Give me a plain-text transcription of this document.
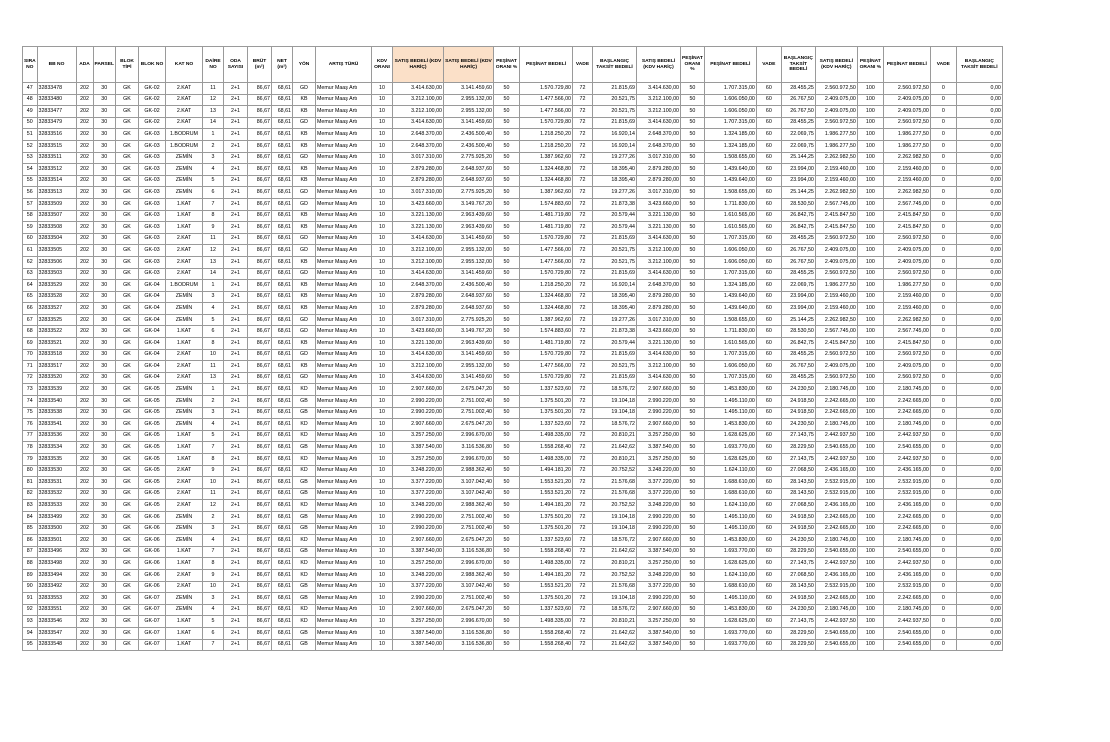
SIRA NO	BB NO	ADA	PARSEL	BLOK TİPİ	BLOK NO	KAT NO	DAİRE NO	ODA SAYISI	BRÜT (m²)	NET (m²)	YÖN	ARTIŞ TÜRÜ	KDV ORANI	SATIŞ BEDELİ (KDV HARİÇ)	SATIŞ BEDELİ (KDV HARİÇ)	PEŞİNAT ORANI %	PEŞİNAT BEDELİ	VADE	BAŞLANGIÇ TAKSİT BEDELİ	SATIŞ BEDELİ (KDV HARİÇ)	PEŞİNAT ORANI %	PEŞİNAT BEDELİ	VADE	BAŞLANGIÇ TAKSİT BEDELİ	SATIŞ BEDELİ (KDV HARİÇ)	PEŞİNAT ORANI %	PEŞİNAT BEDELİ	VADE	BAŞLANGIÇ TAKSİT BEDELİ
47	32833478	202	30	GK	GK-02	2.KAT	11	2+1	86,67	68,61	GD	Memur Maaş Artı	10	3.414.630,00	3.141.459,60	50	1.570.729,80	72	21.815,69	3.414.630,00	50	1.707.315,00	60	28.455,25	2.560.972,50	100	2.560.972,50	0	0,00
48	32833480	202	30	GK	GK-02	2.KAT	12	2+1	86,67	68,61	KB	Memur Maaş Artı	10	3.212.100,00	2.955.132,00	50	1.477.566,00	72	20.521,75	3.212.100,00	50	1.606.050,00	60	26.767,50	2.409.075,00	100	2.409.075,00	0	0,00
49	32833477	202	30	GK	GK-02	2.KAT	13	2+1	86,67	68,61	KB	Memur Maaş Artı	10	3.212.100,00	2.955.132,00	50	1.477.566,00	72	20.521,75	3.212.100,00	50	1.606.050,00	60	26.767,50	2.409.075,00	100	2.409.075,00	0	0,00
50	32833479	202	30	GK	GK-02	2.KAT	14	2+1	86,67	68,61	GD	Memur Maaş Artı	10	3.414.630,00	3.141.459,60	50	1.570.729,80	72	21.815,69	3.414.630,00	50	1.707.315,00	60	28.455,25	2.560.972,50	100	2.560.972,50	0	0,00
51	32833516	202	30	GK	GK-03	1.BODRUM	1	2+1	86,67	68,61	KB	Memur Maaş Artı	10	2.648.370,00	2.436.500,40	50	1.218.250,20	72	16.920,14	2.648.370,00	50	1.324.185,00	60	22.069,75	1.986.277,50	100	1.986.277,50	0	0,00
52	32833515	202	30	GK	GK-03	1.BODRUM	2	2+1	86,67	68,61	KB	Memur Maaş Artı	10	2.648.370,00	2.436.500,40	50	1.218.250,20	72	16.920,14	2.648.370,00	50	1.324.185,00	60	22.069,75	1.986.277,50	100	1.986.277,50	0	0,00
53	32833511	202	30	GK	GK-03	ZEMİN	3	2+1	86,67	68,61	GD	Memur Maaş Artı	10	3.017.310,00	2.775.925,20	50	1.387.962,60	72	19.277,26	3.017.310,00	50	1.508.655,00	60	25.144,25	2.262.982,50	100	2.262.982,50	0	0,00
54	32833512	202	30	GK	GK-03	ZEMİN	4	2+1	86,67	68,61	KB	Memur Maaş Artı	10	2.879.280,00	2.648.937,60	50	1.324.468,80	72	18.395,40	2.879.280,00	50	1.439.640,00	60	23.994,00	2.159.460,00	100	2.159.460,00	0	0,00
55	32833514	202	30	GK	GK-03	ZEMİN	5	2+1	86,67	68,61	KB	Memur Maaş Artı	10	2.879.280,00	2.648.937,60	50	1.324.468,80	72	18.395,40	2.879.280,00	50	1.439.640,00	60	23.994,00	2.159.460,00	100	2.159.460,00	0	0,00
56	32833513	202	30	GK	GK-03	ZEMİN	6	2+1	86,67	68,61	GD	Memur Maaş Artı	10	3.017.310,00	2.775.925,20	50	1.387.962,60	72	19.277,26	3.017.310,00	50	1.508.655,00	60	25.144,25	2.262.982,50	100	2.262.982,50	0	0,00
57	32833509	202	30	GK	GK-03	1.KAT	7	2+1	86,67	68,61	GD	Memur Maaş Artı	10	3.423.660,00	3.149.767,20	50	1.574.883,60	72	21.873,38	3.423.660,00	50	1.711.830,00	60	28.530,50	2.567.745,00	100	2.567.745,00	0	0,00
58	32833507	202	30	GK	GK-03	1.KAT	8	2+1	86,67	68,61	KB	Memur Maaş Artı	10	3.221.130,00	2.963.439,60	50	1.481.719,80	72	20.579,44	3.221.130,00	50	1.610.565,00	60	26.842,75	2.415.847,50	100	2.415.847,50	0	0,00
59	32833508	202	30	GK	GK-03	1.KAT	9	2+1	86,67	68,61	KB	Memur Maaş Artı	10	3.221.130,00	2.963.439,60	50	1.481.719,80	72	20.579,44	3.221.130,00	50	1.610.565,00	60	26.842,75	2.415.847,50	100	2.415.847,50	0	0,00
60	32833504	202	30	GK	GK-03	2.KAT	11	2+1	86,67	68,61	GD	Memur Maaş Artı	10	3.414.630,00	3.141.459,60	50	1.570.729,80	72	21.815,69	3.414.630,00	50	1.707.315,00	60	28.455,25	2.560.972,50	100	2.560.972,50	0	0,00
61	32833505	202	30	GK	GK-03	2.KAT	12	2+1	86,67	68,61	GD	Memur Maaş Artı	10	3.212.100,00	2.955.132,00	50	1.477.566,00	72	20.521,75	3.212.100,00	50	1.606.050,00	60	26.767,50	2.409.075,00	100	2.409.075,00	0	0,00
62	32833506	202	30	GK	GK-03	2.KAT	13	2+1	86,67	68,61	KB	Memur Maaş Artı	10	3.212.100,00	2.955.132,00	50	1.477.566,00	72	20.521,75	3.212.100,00	50	1.606.050,00	60	26.767,50	2.409.075,00	100	2.409.075,00	0	0,00
63	32833503	202	30	GK	GK-03	2.KAT	14	2+1	86,67	68,61	GD	Memur Maaş Artı	10	3.414.630,00	3.141.459,60	50	1.570.729,80	72	21.815,69	3.414.630,00	50	1.707.315,00	60	28.455,25	2.560.972,50	100	2.560.972,50	0	0,00
64	32833529	202	30	GK	GK-04	1.BODRUM	1	2+1	86,67	68,61	KB	Memur Maaş Artı	10	2.648.370,00	2.436.500,40	50	1.218.250,20	72	16.920,14	2.648.370,00	50	1.324.185,00	60	22.069,75	1.986.277,50	100	1.986.277,50	0	0,00
65	32833528	202	30	GK	GK-04	ZEMİN	3	2+1	86,67	68,61	KB	Memur Maaş Artı	10	2.879.280,00	2.648.937,60	50	1.324.468,80	72	18.395,40	2.879.280,00	50	1.439.640,00	60	23.994,00	2.159.460,00	100	2.159.460,00	0	0,00
66	32833527	202	30	GK	GK-04	ZEMİN	4	2+1	86,67	68,61	KB	Memur Maaş Artı	10	2.879.280,00	2.648.937,60	50	1.324.468,80	72	18.395,40	2.879.280,00	50	1.439.640,00	60	23.994,00	2.159.460,00	100	2.159.460,00	0	0,00
67	32833525	202	30	GK	GK-04	ZEMİN	5	2+1	86,67	68,61	GD	Memur Maaş Artı	10	3.017.310,00	2.775.925,20	50	1.387.962,60	72	19.277,26	3.017.310,00	50	1.508.655,00	60	25.144,25	2.262.982,50	100	2.262.982,50	0	0,00
68	32833522	202	30	GK	GK-04	1.KAT	6	2+1	86,67	68,61	GD	Memur Maaş Artı	10	3.423.660,00	3.149.767,20	50	1.574.883,60	72	21.873,38	3.423.660,00	50	1.711.830,00	60	28.530,50	2.567.745,00	100	2.567.745,00	0	0,00
69	32833521	202	30	GK	GK-04	1.KAT	8	2+1	86,67	68,61	KB	Memur Maaş Artı	10	3.221.130,00	2.963.439,60	50	1.481.719,80	72	20.579,44	3.221.130,00	50	1.610.565,00	60	26.842,75	2.415.847,50	100	2.415.847,50	0	0,00
70	32833518	202	30	GK	GK-04	2.KAT	10	2+1	86,67	68,61	GD	Memur Maaş Artı	10	3.414.630,00	3.141.459,60	50	1.570.729,80	72	21.815,69	3.414.630,00	50	1.707.315,00	60	28.455,25	2.560.972,50	100	2.560.972,50	0	0,00
71	32833517	202	30	GK	GK-04	2.KAT	11	2+1	86,67	68,61	KB	Memur Maaş Artı	10	3.212.100,00	2.955.132,00	50	1.477.566,00	72	20.521,75	3.212.100,00	50	1.606.050,00	60	26.767,50	2.409.075,00	100	2.409.075,00	0	0,00
72	32833520	202	30	GK	GK-04	2.KAT	13	2+1	86,67	68,61	GD	Memur Maaş Artı	10	3.414.630,00	3.141.459,60	50	1.570.729,80	72	21.815,69	3.414.630,00	50	1.707.315,00	60	28.455,25	2.560.972,50	100	2.560.972,50	0	0,00
73	32833539	202	30	GK	GK-05	ZEMİN	1	2+1	86,67	68,61	KD	Memur Maaş Artı	10	2.907.660,00	2.675.047,20	50	1.337.523,60	72	18.576,72	2.907.660,00	50	1.453.830,00	60	24.230,50	2.180.745,00	100	2.180.745,00	0	0,00
74	32833540	202	30	GK	GK-05	ZEMİN	2	2+1	86,67	68,61	GB	Memur Maaş Artı	10	2.990.220,00	2.751.002,40	50	1.375.501,20	72	19.104,18	2.990.220,00	50	1.495.110,00	60	24.918,50	2.242.665,00	100	2.242.665,00	0	0,00
75	32833538	202	30	GK	GK-05	ZEMİN	3	2+1	86,67	68,61	GB	Memur Maaş Artı	10	2.990.220,00	2.751.002,40	50	1.375.501,20	72	19.104,18	2.990.220,00	50	1.495.110,00	60	24.918,50	2.242.665,00	100	2.242.665,00	0	0,00
76	32833541	202	30	GK	GK-05	ZEMİN	4	2+1	86,67	68,61	KD	Memur Maaş Artı	10	2.907.660,00	2.675.047,20	50	1.337.523,60	72	18.576,72	2.907.660,00	50	1.453.830,00	60	24.230,50	2.180.745,00	100	2.180.745,00	0	0,00
77	32833536	202	30	GK	GK-05	1.KAT	5	2+1	86,67	68,61	KD	Memur Maaş Artı	10	3.257.250,00	2.996.670,00	50	1.498.335,00	72	20.810,21	3.257.250,00	50	1.628.625,00	60	27.143,75	2.442.937,50	100	2.442.937,50	0	0,00
78	32833534	202	30	GK	GK-05	1.KAT	7	2+1	86,67	68,61	GB	Memur Maaş Artı	10	3.387.540,00	3.116.536,80	50	1.558.268,40	72	21.642,62	3.387.540,00	50	1.693.770,00	60	28.229,50	2.540.655,00	100	2.540.655,00	0	0,00
79	32833535	202	30	GK	GK-05	1.KAT	8	2+1	86,67	68,61	KD	Memur Maaş Artı	10	3.257.250,00	2.996.670,00	50	1.498.335,00	72	20.810,21	3.257.250,00	50	1.628.625,00	60	27.143,75	2.442.937,50	100	2.442.937,50	0	0,00
80	32833530	202	30	GK	GK-05	2.KAT	9	2+1	86,67	68,61	KD	Memur Maaş Artı	10	3.248.220,00	2.988.362,40	50	1.494.181,20	72	20.752,52	3.248.220,00	50	1.624.110,00	60	27.068,50	2.436.165,00	100	2.436.165,00	0	0,00
81	32833531	202	30	GK	GK-05	2.KAT	10	2+1	86,67	68,61	GB	Memur Maaş Artı	10	3.377.220,00	3.107.042,40	50	1.553.521,20	72	21.576,68	3.377.220,00	50	1.688.610,00	60	28.143,50	2.532.915,00	100	2.532.915,00	0	0,00
82	32833532	202	30	GK	GK-05	2.KAT	11	2+1	86,67	68,61	GB	Memur Maaş Artı	10	3.377.220,00	3.107.042,40	50	1.553.521,20	72	21.576,68	3.377.220,00	50	1.688.610,00	60	28.143,50	2.532.915,00	100	2.532.915,00	0	0,00
83	32833533	202	30	GK	GK-05	2.KAT	12	2+1	86,67	68,61	KD	Memur Maaş Artı	10	3.248.220,00	2.988.362,40	50	1.494.181,20	72	20.752,52	3.248.220,00	50	1.624.110,00	60	27.068,50	2.436.165,00	100	2.436.165,00	0	0,00
84	32833499	202	30	GK	GK-06	ZEMİN	2	2+1	86,67	68,61	GB	Memur Maaş Artı	10	2.990.220,00	2.751.002,40	50	1.375.501,20	72	19.104,18	2.990.220,00	50	1.495.110,00	60	24.918,50	2.242.665,00	100	2.242.665,00	0	0,00
85	32833500	202	30	GK	GK-06	ZEMİN	3	2+1	86,67	68,61	GB	Memur Maaş Artı	10	2.990.220,00	2.751.002,40	50	1.375.501,20	72	19.104,18	2.990.220,00	50	1.495.110,00	60	24.918,50	2.242.665,00	100	2.242.665,00	0	0,00
86	32833501	202	30	GK	GK-06	ZEMİN	4	2+1	86,67	68,61	KD	Memur Maaş Artı	10	2.907.660,00	2.675.047,20	50	1.337.523,60	72	18.576,72	2.907.660,00	50	1.453.830,00	60	24.230,50	2.180.745,00	100	2.180.745,00	0	0,00
87	32833496	202	30	GK	GK-06	1.KAT	7	2+1	86,67	68,61	GB	Memur Maaş Artı	10	3.387.540,00	3.116.536,80	50	1.558.268,40	72	21.642,62	3.387.540,00	50	1.693.770,00	60	28.229,50	2.540.655,00	100	2.540.655,00	0	0,00
88	32833498	202	30	GK	GK-06	1.KAT	8	2+1	86,67	68,61	KD	Memur Maaş Artı	10	3.257.250,00	2.996.670,00	50	1.498.335,00	72	20.810,21	3.257.250,00	50	1.628.625,00	60	27.143,75	2.442.937,50	100	2.442.937,50	0	0,00
89	32833494	202	30	GK	GK-06	2.KAT	9	2+1	86,67	68,61	KD	Memur Maaş Artı	10	3.248.220,00	2.988.362,40	50	1.494.181,20	72	20.752,52	3.248.220,00	50	1.624.110,00	60	27.068,50	2.436.165,00	100	2.436.165,00	0	0,00
90	32833492	202	30	GK	GK-06	2.KAT	10	2+1	86,67	68,61	GB	Memur Maaş Artı	10	3.377.220,00	3.107.042,40	50	1.553.521,20	72	21.576,68	3.377.220,00	50	1.688.610,00	60	28.143,50	2.532.915,00	100	2.532.915,00	0	0,00
91	32833553	202	30	GK	GK-07	ZEMİN	3	2+1	86,67	68,61	GB	Memur Maaş Artı	10	2.990.220,00	2.751.002,40	50	1.375.501,20	72	19.104,18	2.990.220,00	50	1.495.110,00	60	24.918,50	2.242.665,00	100	2.242.665,00	0	0,00
92	32833551	202	30	GK	GK-07	ZEMİN	4	2+1	86,67	68,61	KD	Memur Maaş Artı	10	2.907.660,00	2.675.047,20	50	1.337.523,60	72	18.576,72	2.907.660,00	50	1.453.830,00	60	24.230,50	2.180.745,00	100	2.180.745,00	0	0,00
93	32833546	202	30	GK	GK-07	1.KAT	5	2+1	86,67	68,61	KD	Memur Maaş Artı	10	3.257.250,00	2.996.670,00	50	1.498.335,00	72	20.810,21	3.257.250,00	50	1.628.625,00	60	27.143,75	2.442.937,50	100	2.442.937,50	0	0,00
94	32833547	202	30	GK	GK-07	1.KAT	6	2+1	86,67	68,61	GB	Memur Maaş Artı	10	3.387.540,00	3.116.536,80	50	1.558.268,40	72	21.642,62	3.387.540,00	50	1.693.770,00	60	28.229,50	2.540.655,00	100	2.540.655,00	0	0,00
95	32833548	202	30	GK	GK-07	1.KAT	7	2+1	86,67	68,61	GB	Memur Maaş Artı	10	3.387.540,00	3.116.536,80	50	1.558.268,40	72	21.642,62	3.387.540,00	50	1.693.770,00	60	28.229,50	2.540.655,00	100	2.540.655,00	0	0,00
